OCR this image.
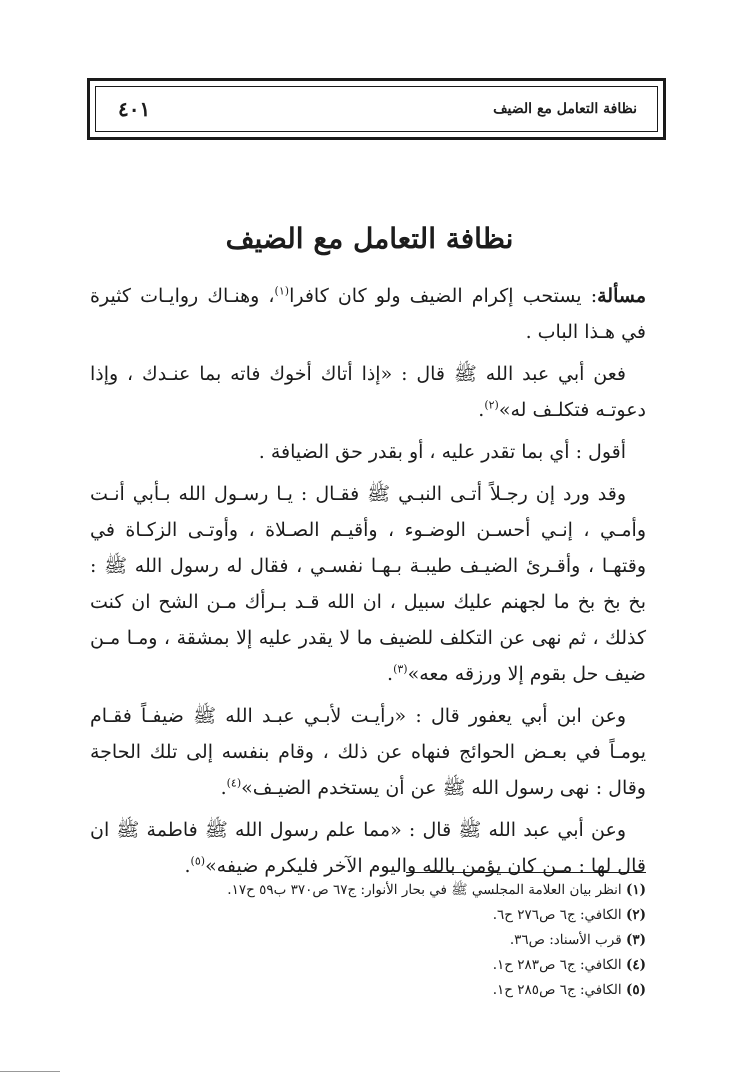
نظافة التعامل مع الضيف
٤٠١
نظافة التعامل مع الضيف

مسألة: يستحب إكرام الضيف ولو كان كافرا$^{(١)}$، وهنـاك روايـات كثيرة في هـذا الباب .

فعن أبي عبد الله ﷺ قال : «إذا أتاك أخوك فاته بما عنـدك ، وإذا دعوتـه فتكلـف له»$^{(٢)}$.

أقول : أي بما تقدر عليه ، أو بقدر حق الضيافة .

وقد ورد إن رجـلاً أتـى النبـي ﷺ فقـال : يـا رسـول الله بـأبي أنـت وأمـي ، إنـي أحسـن الوضـوء ، وأقيـم الصـلاة ، وأوتـى الزكـاة في وقتهـا ، وأقـرئ الضيـف طيبـة بـهـا نفسـي ، فقال له رسول الله ﷺ : بخ بخ بخ ما لجهنم عليك سبيل ، ان الله قـد بـرأك مـن الشح ان كنت كذلك ، ثم نهى عن التكلف للضيف ما لا يقدر عليه إلا بمشقة ، ومـا مـن ضيف حل بقوم إلا ورزقه معه»$^{(٣)}$.

وعن ابن أبي يعفور قال : «رأيـت لأبـي عبـد الله ﷺ ضيفـاً فقـام يومـاً في بعـض الحوائج فنهاه عن ذلك ، وقام بنفسه إلى تلك الحاجة وقال : نهى رسول الله ﷺ عن أن يستخدم الضيـف»$^{(٤)}$.

وعن أبي عبد الله ﷺ قال : «مما علم رسول الله ﷺ فاطمة ﷺ ان قال لها : مـن كان يؤمن بالله واليوم الآخر فليكرم ضيفه»$^{(٥)}$.

(١) انظر بيان العلامة المجلسي ﷺ في بحار الأنوار: ج٦٧ ص٣٧٠ ب٥٩ ح١٧.
(٢) الكافي: ج٦ ص٢٧٦ ح٦.
(٣) قرب الأسناد: ص٣٦.
(٤) الكافي: ج٦ ص٢٨٣ ح١.
(٥) الكافي: ج٦ ص٢٨٥ ح١.
